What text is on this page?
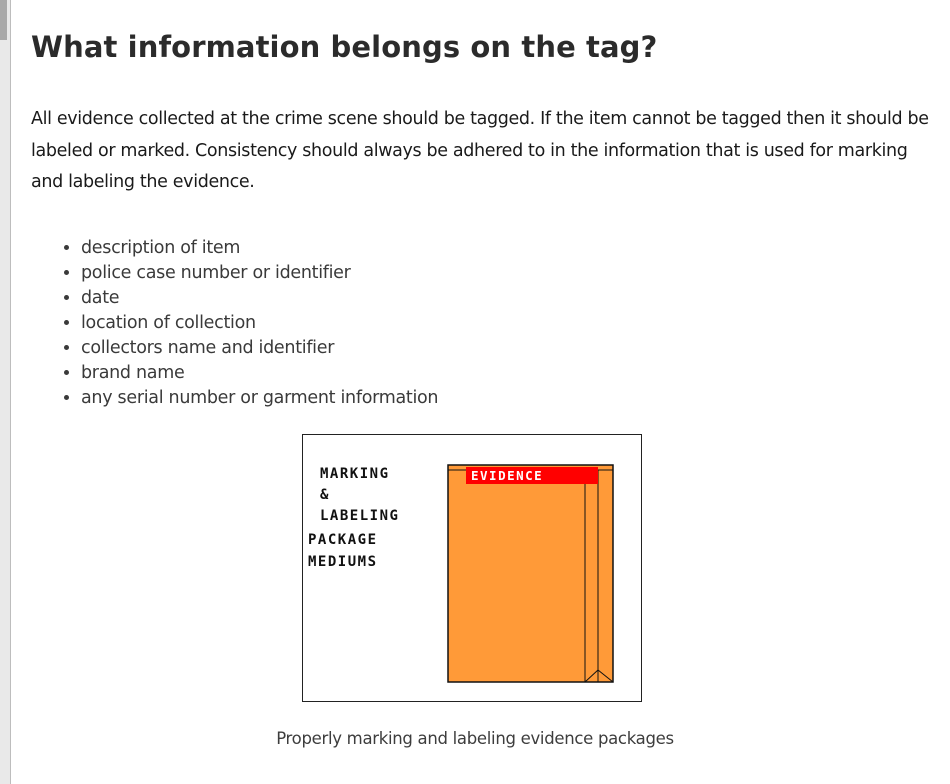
What information belongs on the tag?

All evidence collected at the crime scene should be tagged. If the item cannot be tagged then it should be labeled or marked. Consistency should always be adhered to in the information that is used for marking and labeling the evidence.

• description of item
• police case number or identifier
• date
• location of collection
• collectors name and identifier
• brand name
• any serial number or garment information
MARKING
&
LABELING
PACKAGE
MEDIUMS
EVIDENCE
Properly marking and labeling evidence packages
